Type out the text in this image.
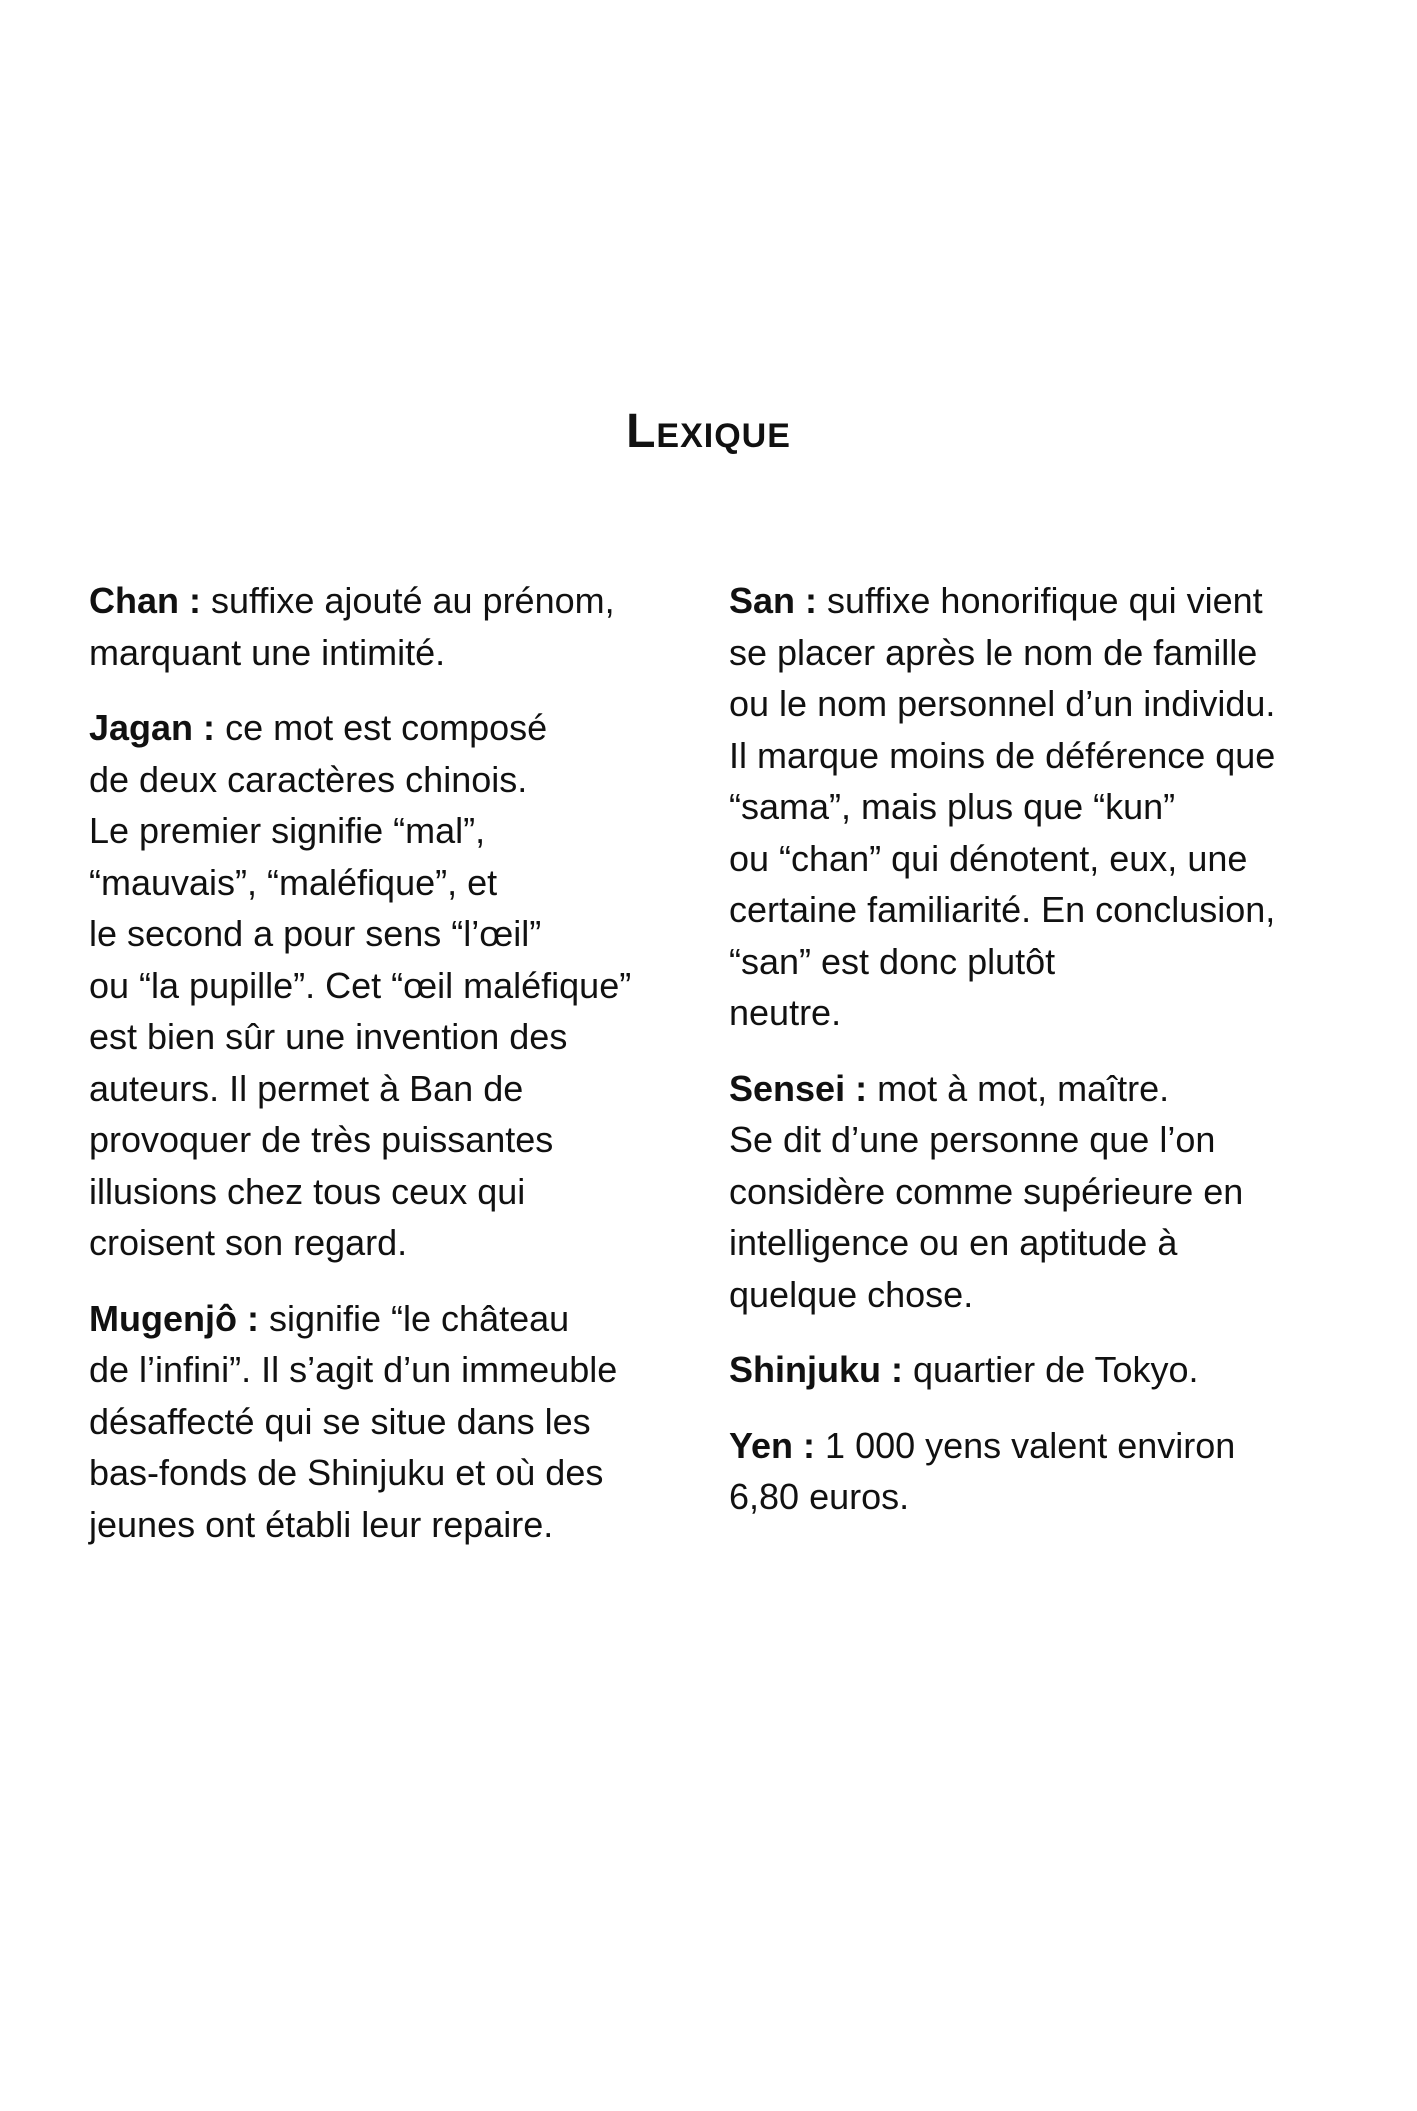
Lexique

Chan : suffixe ajouté au prénom,
marquant une intimité.

Jagan : ce mot est composé
de deux caractères chinois.
Le premier signifie “mal”,
“mauvais”, “maléfique”, et
le second a pour sens “l’œil”
ou “la pupille”. Cet “œil maléfique”
est bien sûr une invention des
auteurs. Il permet à Ban de
provoquer de très puissantes
illusions chez tous ceux qui
croisent son regard.

Mugenjô : signifie “le château
de l’infini”. Il s’agit d’un immeuble
désaffecté qui se situe dans les
bas-fonds de Shinjuku et où des
jeunes ont établi leur repaire.

San : suffixe honorifique qui vient
se placer après le nom de famille
ou le nom personnel d’un individu.
Il marque moins de déférence que
“sama”, mais plus que “kun”
ou “chan” qui dénotent, eux, une
certaine familiarité. En conclusion,
“san” est donc plutôt
neutre.

Sensei : mot à mot, maître.
Se dit d’une personne que l’on
considère comme supérieure en
intelligence ou en aptitude à
quelque chose.

Shinjuku : quartier de Tokyo.

Yen : 1 000 yens valent environ
6,80 euros.
